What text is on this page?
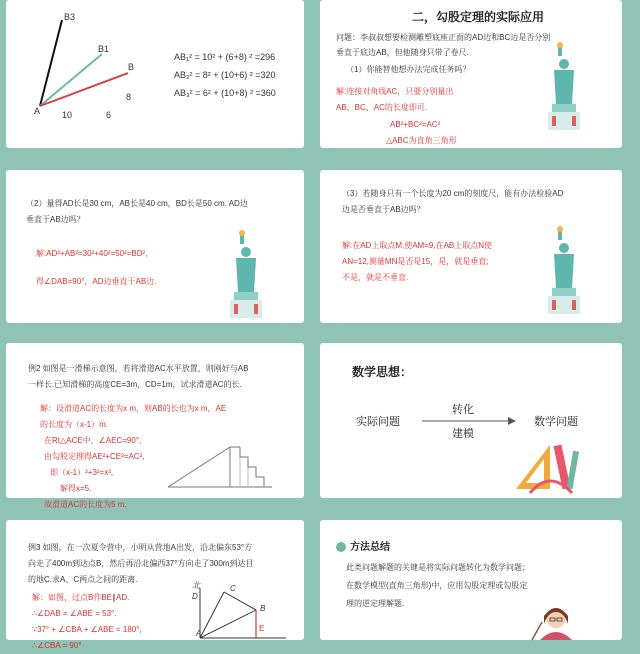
B3
B1
B
A 10	6
8
AB₁² = 10² + (6+8) ² =296
AB₂² = 8² + (10+6) ² =320
AB₃² = 6² + (10+8) ² =360
二，勾股定理的实际应用
问题：李叔叔想要检测雕塑底座正面的AD边和BC边是否分别
垂直于底边AB，但他随身只带了卷尺.
（1）你能替他想办法完成任务吗？
解:连接对角线AC，只要分别量出
AB、BC、AC的长度即可.
AB²+BC²=AC²
△ABC为直角三角形
（2）量得AD长是30 cm，AB长是40 cm，BD长是50 cm. AD边
垂直于AB边吗？
解:AD²+AB²=30²+40²=50²=BD²,
得∠DAB=90°，AD边垂直于AB边.
（3）若随身只有一个长度为20 cm的刻度尺，能有办法检验AD
边是否垂直于AB边吗？
解:在AD上取点M,使AM=9,在AB上取点N使
AN=12,测量MN是否是15，是，就是垂直;
不是，就是不垂直.
例2 如图是一滑梯示意图，若将滑道AC水平放置，则刚好与AB
一样长.已知滑梯的高度CE=3m，CD=1m，试求滑道AC的长.

解：设滑道AC的长度为x m，则AB的长也为x m，AE

的长度为（x-1）m.

在Rt△ACE中，∠AEC=90°,

由勾股定理得AE²+CE²=AC²,

即（x-1）²+3²=x²,

解得x=5.

故滑道AC的长度为5 m.

数学思想：
实际问题
转化
建模
数学问题
例3 如图，在一次夏令营中，小明从营地A出发，沿北偏东53°方
向走了400m到达点B，然后再沿北偏西37°方向走了300m到达目
的地C.求A、C两点之间的距离.

解：如图，过点B作BE∥AD.

∴∠DAB = ∠ABE = 53°.

∵37° + ∠CBA + ∠ABE = 180°,

∴∠CBA = 90°

北
D
C
B
E
A
方法总结
此类问题解题的关键是将实际问题转化为数学问题；
在数学模型(直角三角形)中，应用勾股定理或勾股定
理的逆定理解题.
